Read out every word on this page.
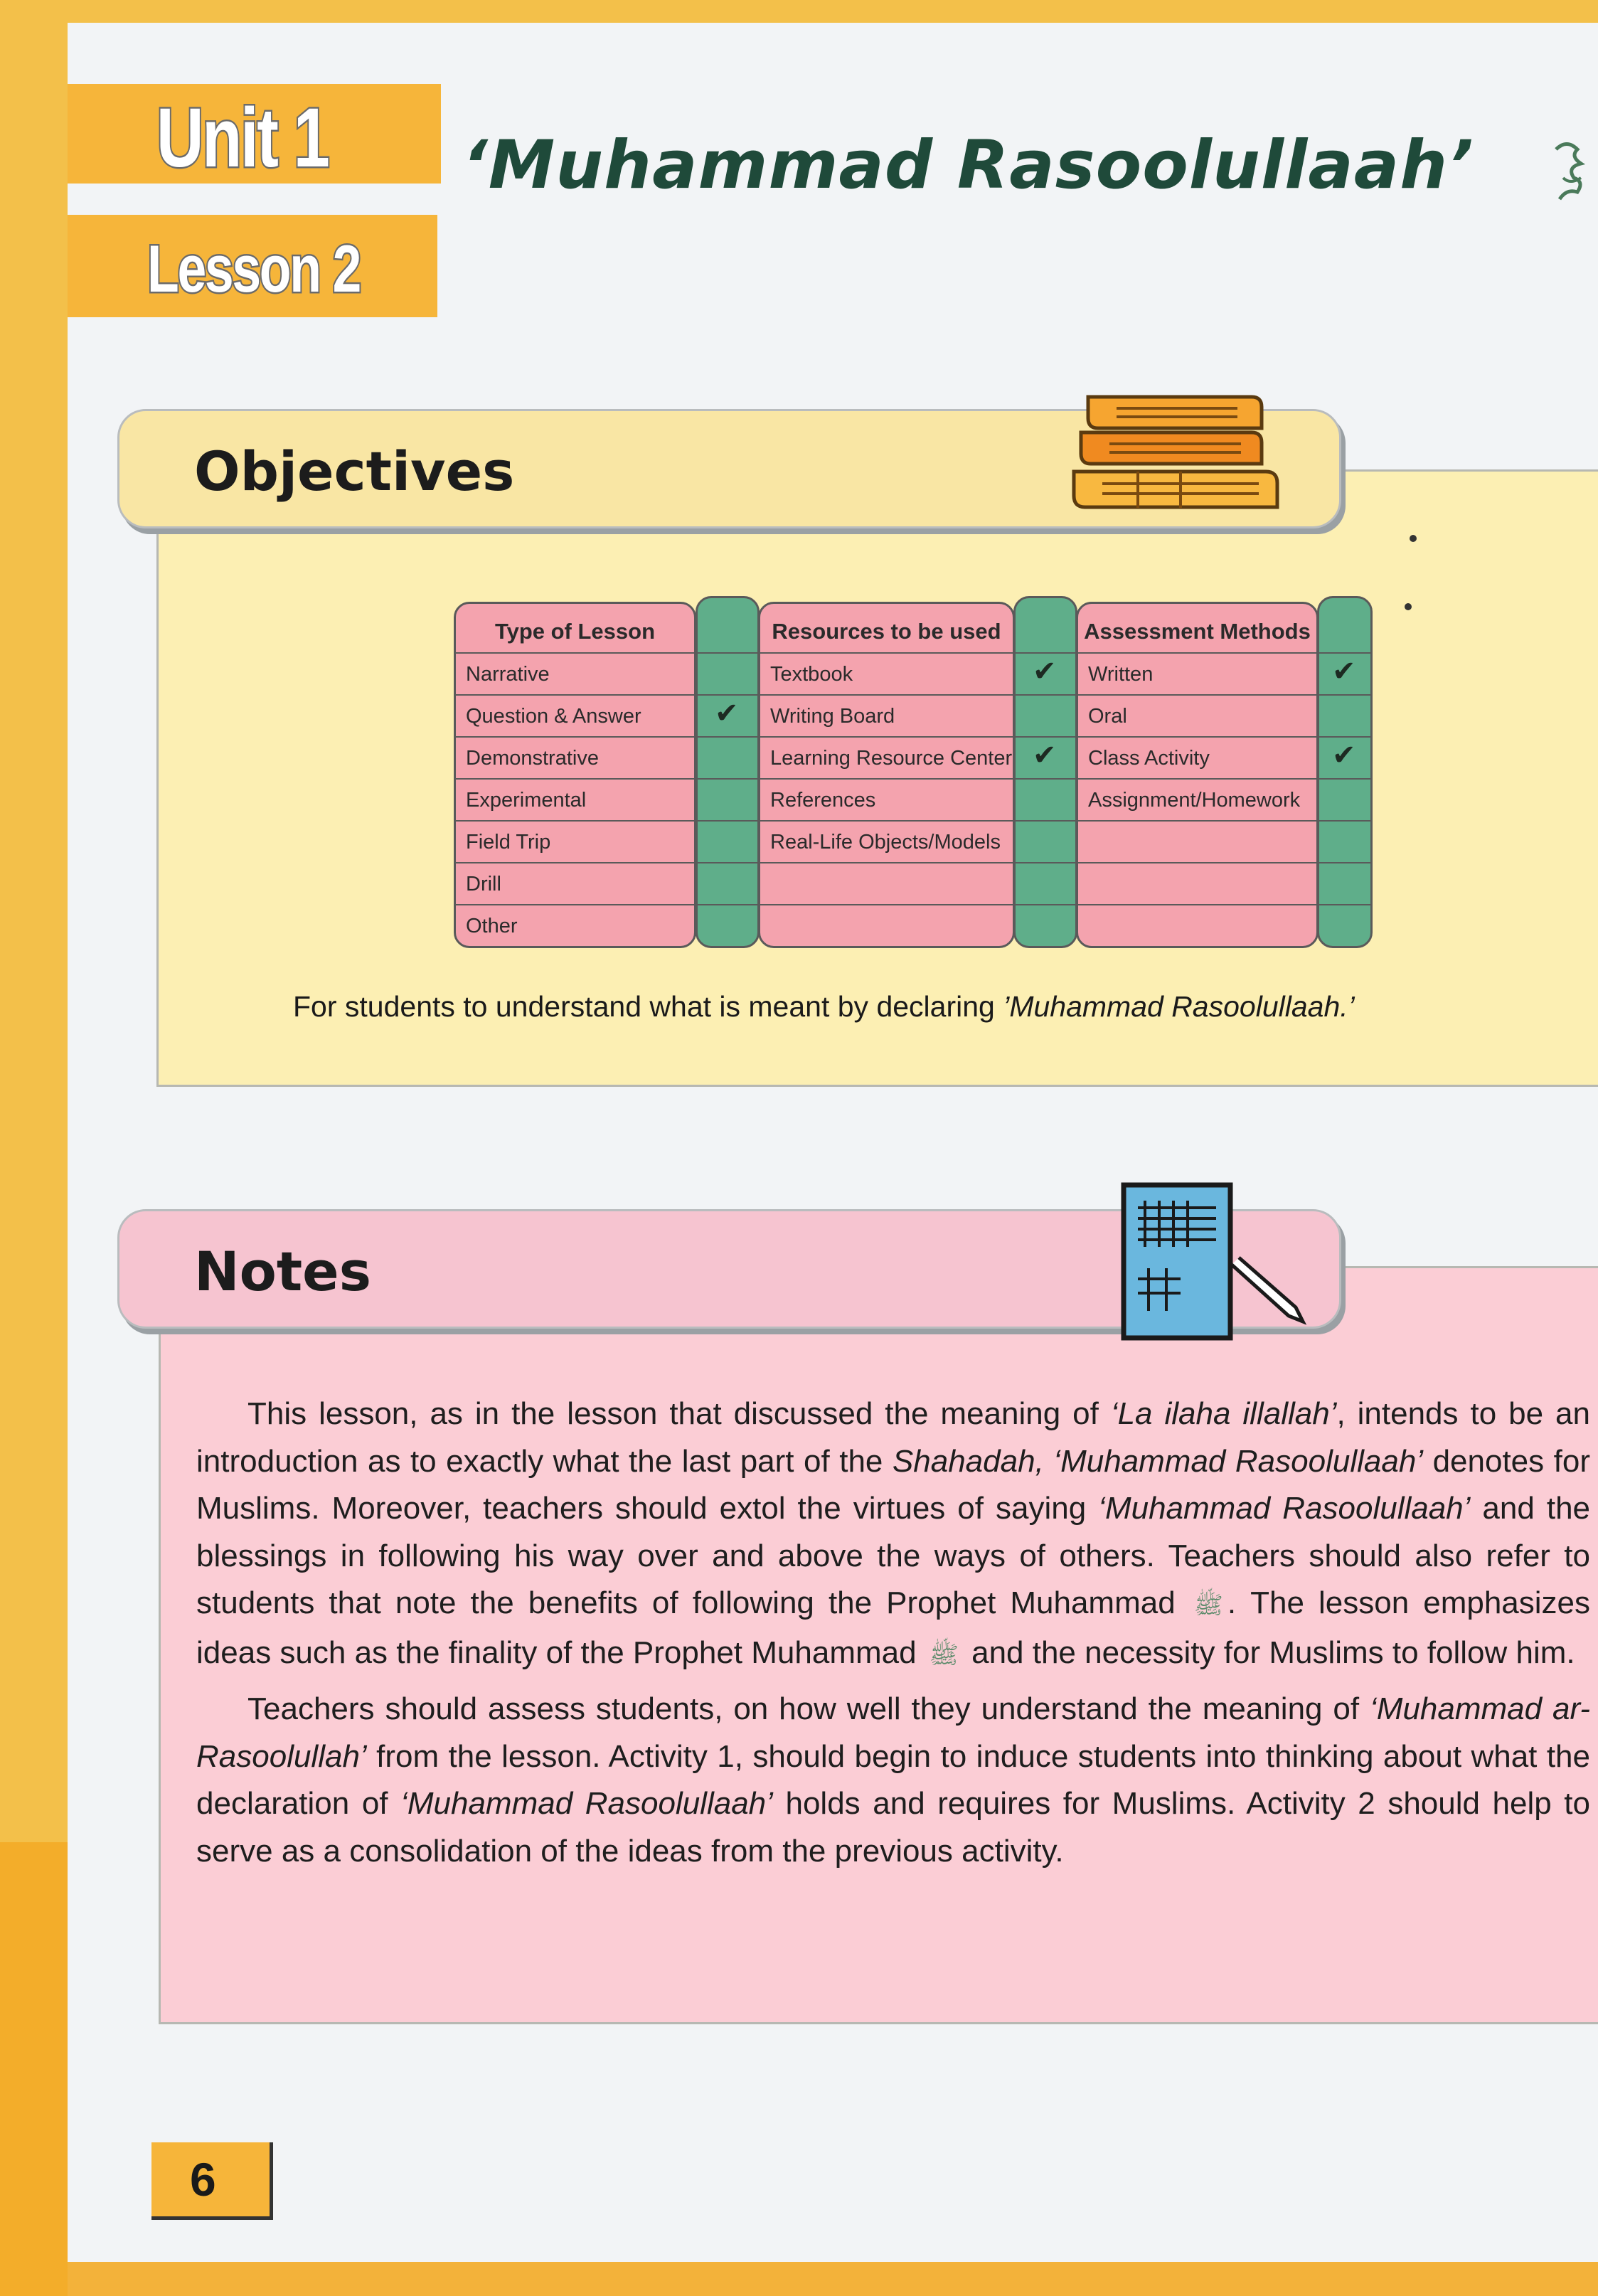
Unit 1
Lesson 2
‘Muhammad Rasoolullaah’
Objectives
Type of Lesson
Narrative
Question & Answer
Demonstrative
Experimental
Field Trip
Drill
Other
✔
Resources to be used
Textbook
Writing Board
Learning Resource Center
References
Real-Life Objects/Models
✔
✔
Assessment Methods
Written
Oral
Class Activity
Assignment/Homework
✔
✔

For students to understand what is meant by declaring ’Muhammad Rasoolullaah.’

Notes

This lesson, as in the lesson that discussed the meaning of ‘La ilaha illallah’, intends to be an introduction as to exactly what the last part of the Shahadah, ‘Muhammad Rasoolullaah’ denotes for Muslims. Moreover, teachers should extol the virtues of saying ‘Muhammad Rasoolullaah’ and the blessings in following his way over and above the ways of others. Teachers should also refer to students that note the benefits of following the Prophet Muhammad ﷺ . The lesson emphasizes ideas such as the finality of the Prophet Muhammad ﷺ and the necessity for Muslims to follow him.

Teachers should assess students, on how well they understand the meaning of ‘Muhammad ar-Rasoolullah’ from the lesson. Activity 1, should begin to induce students into thinking about what the declaration of ‘Muhammad Rasoolullaah’ holds and requires for Muslims. Activity 2 should help to serve as a consolidation of the ideas from the previous activity.

6
